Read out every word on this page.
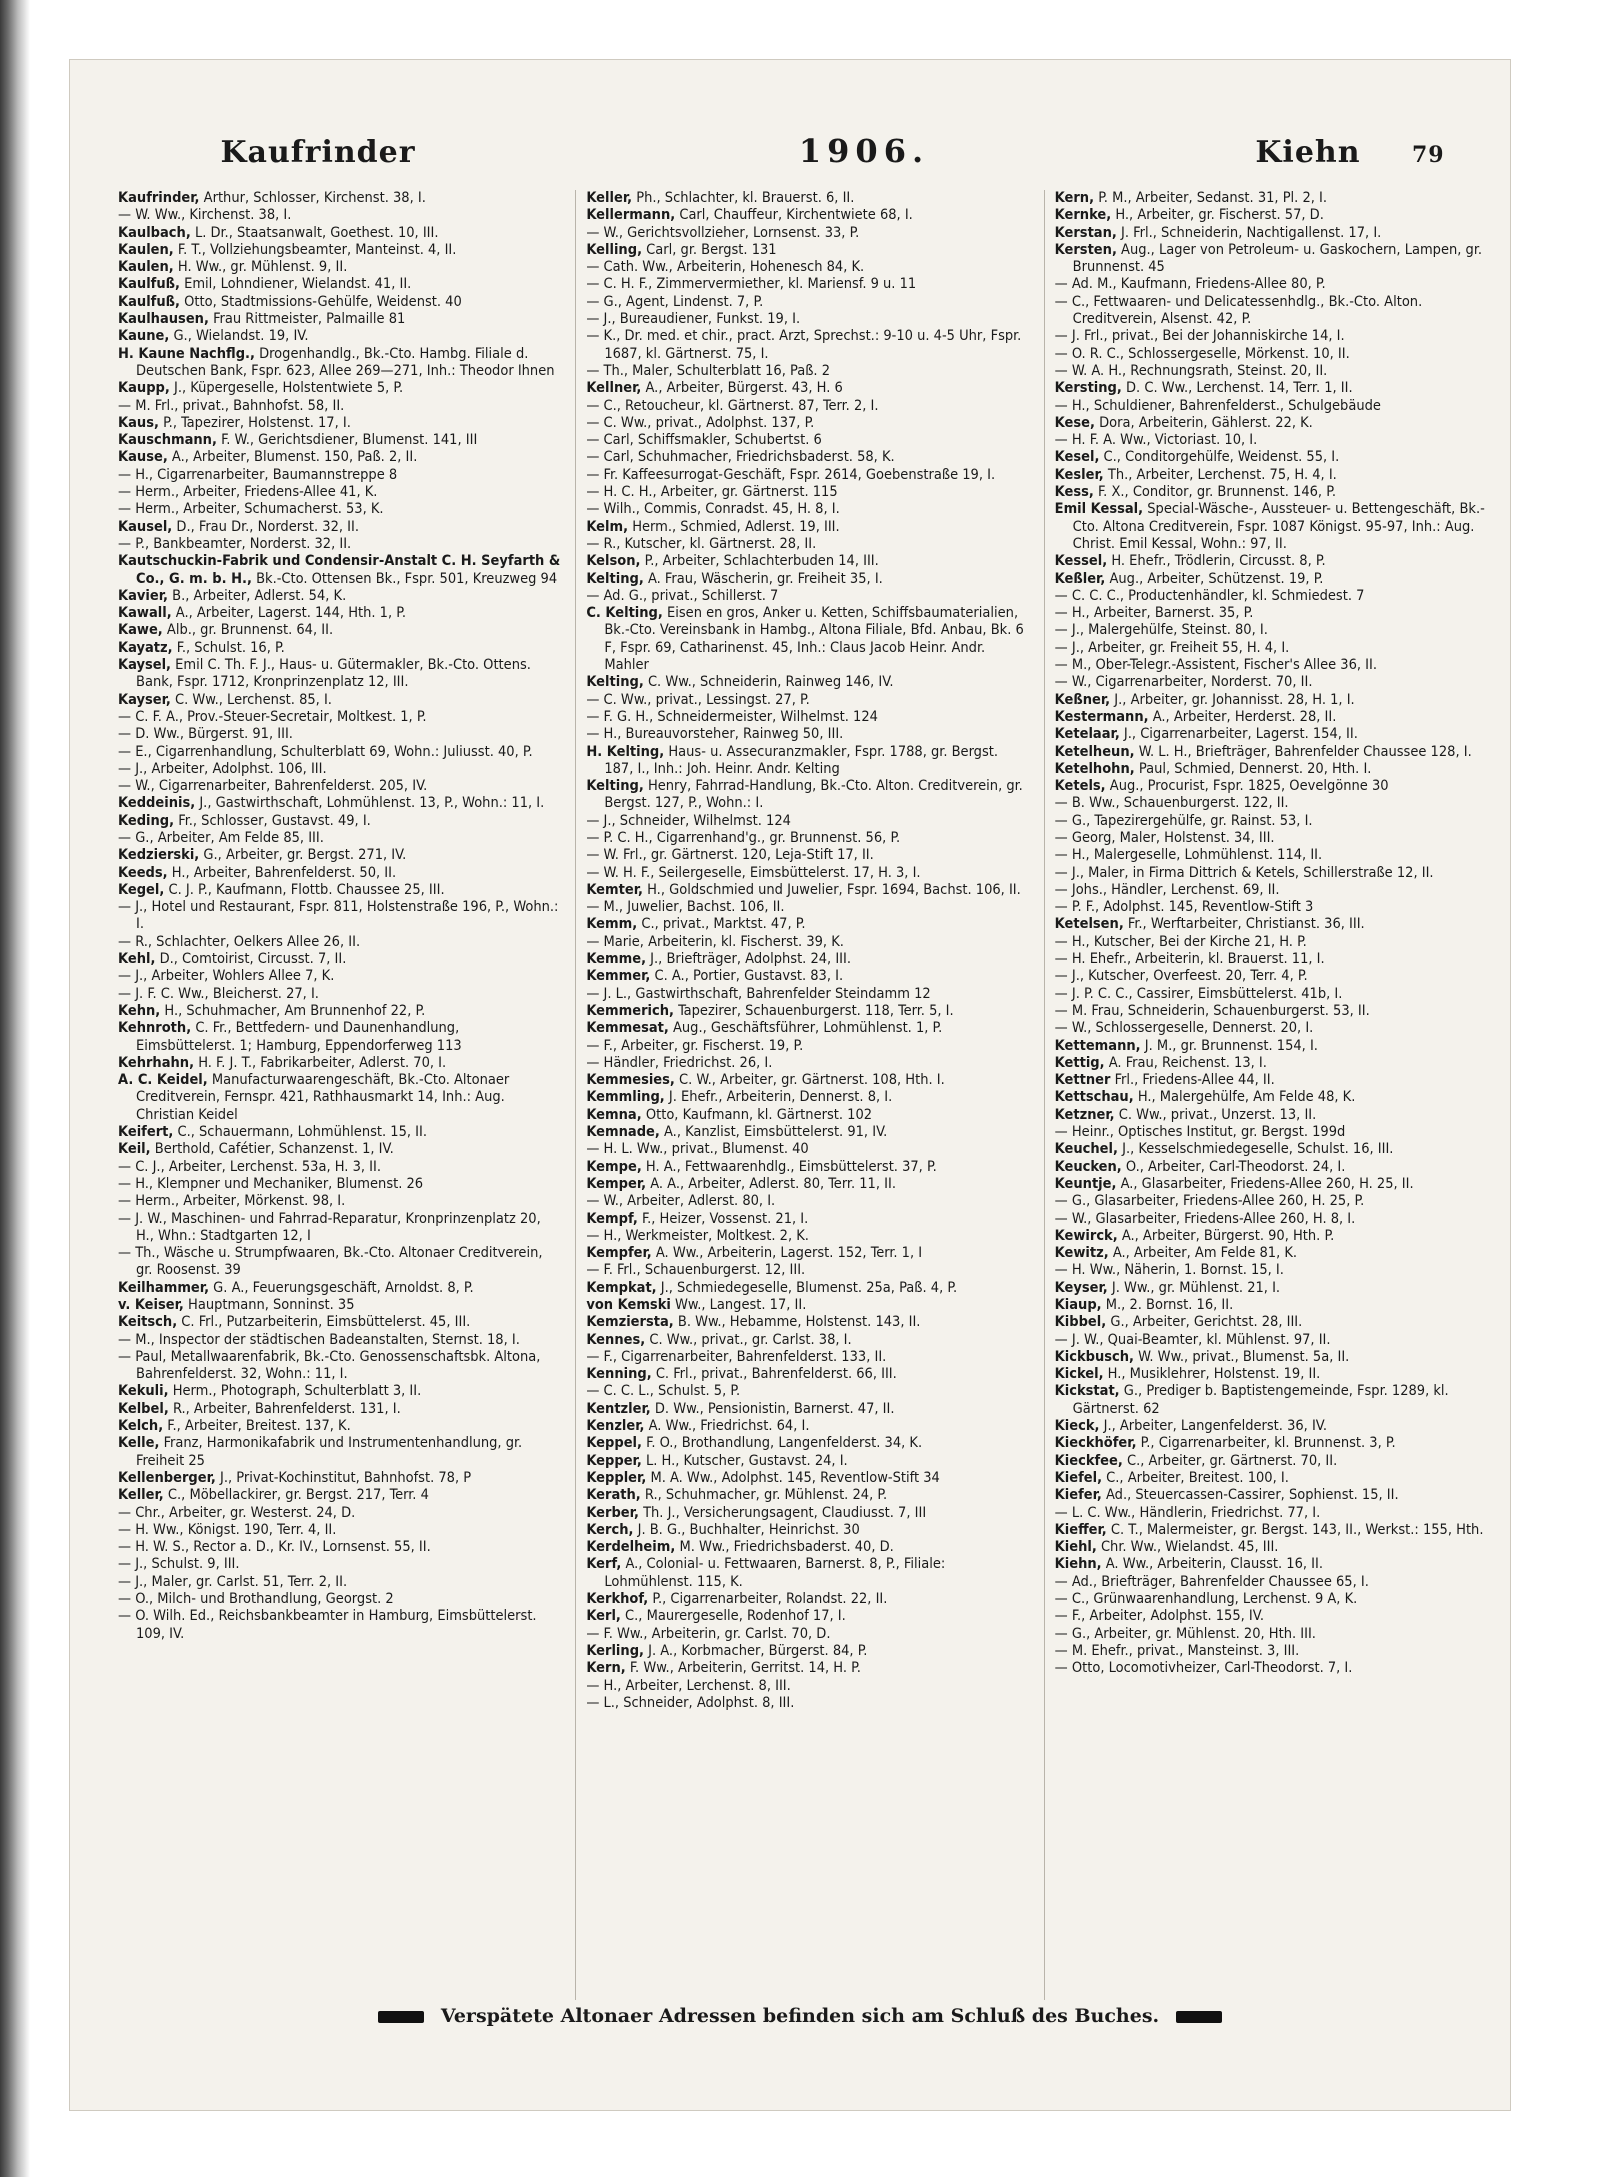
Kaufrinder	1906.	Kiehn 79

Kaufrinder, Arthur, Schlosser, Kirchenst. 38, I.

— W. Ww., Kirchenst. 38, I.

Kaulbach, L. Dr., Staatsanwalt, Goethest. 10, III.

Kaulen, F. T., Vollziehungsbeamter, Manteinst. 4, II.

Kaulen, H. Ww., gr. Mühlenst. 9, II.

Kaulfuß, Emil, Lohndiener, Wielandst. 41, II.

Kaulfuß, Otto, Stadtmissions-Gehülfe, Weidenst. 40

Kaulhausen, Frau Rittmeister, Palmaille 81

Kaune, G., Wielandst. 19, IV.

H. Kaune Nachflg., Drogenhandlg., Bk.-Cto. Hambg. Filiale d. Deutschen Bank, Fspr. 623, Allee 269—271, Inh.: Theodor Ihnen

Kaupp, J., Küpergeselle, Holstentwiete 5, P.

— M. Frl., privat., Bahnhofst. 58, II.

Kaus, P., Tapezirer, Holstenst. 17, I.

Kauschmann, F. W., Gerichtsdiener, Blumenst. 141, III

Kause, A., Arbeiter, Blumenst. 150, Paß. 2, II.

— H., Cigarrenarbeiter, Baumannstreppe 8

— Herm., Arbeiter, Friedens-Allee 41, K.

— Herm., Arbeiter, Schumacherst. 53, K.

Kausel, D., Frau Dr., Norderst. 32, II.

— P., Bankbeamter, Norderst. 32, II.

Kautschuckin-Fabrik und Condensir-Anstalt C. H. Seyfarth & Co., G. m. b. H., Bk.-Cto. Ottensen Bk., Fspr. 501, Kreuzweg 94

Kavier, B., Arbeiter, Adlerst. 54, K.

Kawall, A., Arbeiter, Lagerst. 144, Hth. 1, P.

Kawe, Alb., gr. Brunnenst. 64, II.

Kayatz, F., Schulst. 16, P.

Kaysel, Emil C. Th. F. J., Haus- u. Gütermakler, Bk.-Cto. Ottens. Bank, Fspr. 1712, Kronprinzenplatz 12, III.

Kayser, C. Ww., Lerchenst. 85, I.

— C. F. A., Prov.-Steuer-Secretair, Moltkest. 1, P.

— D. Ww., Bürgerst. 91, III.

— E., Cigarrenhandlung, Schulterblatt 69, Wohn.: Juliusst. 40, P.

— J., Arbeiter, Adolphst. 106, III.

— W., Cigarrenarbeiter, Bahrenfelderst. 205, IV.

Keddeinis, J., Gastwirthschaft, Lohmühlenst. 13, P., Wohn.: 11, I.

Keding, Fr., Schlosser, Gustavst. 49, I.

— G., Arbeiter, Am Felde 85, III.

Kedzierski, G., Arbeiter, gr. Bergst. 271, IV.

Keeds, H., Arbeiter, Bahrenfelderst. 50, II.

Kegel, C. J. P., Kaufmann, Flottb. Chaussee 25, III.

— J., Hotel und Restaurant, Fspr. 811, Holstenstraße 196, P., Wohn.: I.

— R., Schlachter, Oelkers Allee 26, II.

Kehl, D., Comtoirist, Circusst. 7, II.

— J., Arbeiter, Wohlers Allee 7, K.

— J. F. C. Ww., Bleicherst. 27, I.

Kehn, H., Schuhmacher, Am Brunnenhof 22, P.

Kehnroth, C. Fr., Bettfedern- und Daunenhandlung, Eimsbüttelerst. 1; Hamburg, Eppendorferweg 113

Kehrhahn, H. F. J. T., Fabrikarbeiter, Adlerst. 70, I.

A. C. Keidel, Manufacturwaarengeschäft, Bk.-Cto. Altonaer Creditverein, Fernspr. 421, Rathhausmarkt 14, Inh.: Aug. Christian Keidel

Keifert, C., Schauermann, Lohmühlenst. 15, II.

Keil, Berthold, Cafétier, Schanzenst. 1, IV.

— C. J., Arbeiter, Lerchenst. 53a, H. 3, II.

— H., Klempner und Mechaniker, Blumenst. 26

— Herm., Arbeiter, Mörkenst. 98, I.

— J. W., Maschinen- und Fahrrad-Reparatur, Kronprinzenplatz 20, H., Whn.: Stadtgarten 12, I

— Th., Wäsche u. Strumpfwaaren, Bk.-Cto. Altonaer Creditverein, gr. Roosenst. 39

Keilhammer, G. A., Feuerungsgeschäft, Arnoldst. 8, P.

v. Keiser, Hauptmann, Sonninst. 35

Keitsch, C. Frl., Putzarbeiterin, Eimsbüttelerst. 45, III.

— M., Inspector der städtischen Badeanstalten, Sternst. 18, I.

— Paul, Metallwaarenfabrik, Bk.-Cto. Genossenschaftsbk. Altona, Bahrenfelderst. 32, Wohn.: 11, I.

Kekuli, Herm., Photograph, Schulterblatt 3, II.

Kelbel, R., Arbeiter, Bahrenfelderst. 131, I.

Kelch, F., Arbeiter, Breitest. 137, K.

Kelle, Franz, Harmonikafabrik und Instrumentenhandlung, gr. Freiheit 25

Kellenberger, J., Privat-Kochinstitut, Bahnhofst. 78, P

Keller, C., Möbellackirer, gr. Bergst. 217, Terr. 4

— Chr., Arbeiter, gr. Westerst. 24, D.

— H. Ww., Königst. 190, Terr. 4, II.

— H. W. S., Rector a. D., Kr. IV., Lornsenst. 55, II.

— J., Schulst. 9, III.

— J., Maler, gr. Carlst. 51, Terr. 2, II.

— O., Milch- und Brothandlung, Georgst. 2

— O. Wilh. Ed., Reichsbankbeamter in Hamburg, Eimsbüttelerst. 109, IV.

Keller, Ph., Schlachter, kl. Brauerst. 6, II.

Kellermann, Carl, Chauffeur, Kirchentwiete 68, I.

— W., Gerichtsvollzieher, Lornsenst. 33, P.

Kelling, Carl, gr. Bergst. 131

— Cath. Ww., Arbeiterin, Hohenesch 84, K.

— C. H. F., Zimmervermiether, kl. Mariensf. 9 u. 11

— G., Agent, Lindenst. 7, P.

— J., Bureaudiener, Funkst. 19, I.

— K., Dr. med. et chir., pract. Arzt, Sprechst.: 9-10 u. 4-5 Uhr, Fspr. 1687, kl. Gärtnerst. 75, I.

— Th., Maler, Schulterblatt 16, Paß. 2

Kellner, A., Arbeiter, Bürgerst. 43, H. 6

— C., Retoucheur, kl. Gärtnerst. 87, Terr. 2, I.

— C. Ww., privat., Adolphst. 137, P.

— Carl, Schiffsmakler, Schubertst. 6

— Carl, Schuhmacher, Friedrichsbaderst. 58, K.

— Fr. Kaffeesurrogat-Geschäft, Fspr. 2614, Goebenstraße 19, I.

— H. C. H., Arbeiter, gr. Gärtnerst. 115

— Wilh., Commis, Conradst. 45, H. 8, I.

Kelm, Herm., Schmied, Adlerst. 19, III.

— R., Kutscher, kl. Gärtnerst. 28, II.

Kelson, P., Arbeiter, Schlachterbuden 14, III.

Kelting, A. Frau, Wäscherin, gr. Freiheit 35, I.

— Ad. G., privat., Schillerst. 7

C. Kelting, Eisen en gros, Anker u. Ketten, Schiffsbaumaterialien, Bk.-Cto. Vereinsbank in Hambg., Altona Filiale, Bfd. Anbau, Bk. 6 F, Fspr. 69, Catharinenst. 45, Inh.: Claus Jacob Heinr. Andr. Mahler

Kelting, C. Ww., Schneiderin, Rainweg 146, IV.

— C. Ww., privat., Lessingst. 27, P.

— F. G. H., Schneidermeister, Wilhelmst. 124

— H., Bureauvorsteher, Rainweg 50, III.

H. Kelting, Haus- u. Assecuranzmakler, Fspr. 1788, gr. Bergst. 187, I., Inh.: Joh. Heinr. Andr. Kelting

Kelting, Henry, Fahrrad-Handlung, Bk.-Cto. Alton. Creditverein, gr. Bergst. 127, P., Wohn.: I.

— J., Schneider, Wilhelmst. 124

— P. C. H., Cigarrenhand'g., gr. Brunnenst. 56, P.

— W. Frl., gr. Gärtnerst. 120, Leja-Stift 17, II.

— W. H. F., Seilergeselle, Eimsbüttelerst. 17, H. 3, I.

Kemter, H., Goldschmied und Juwelier, Fspr. 1694, Bachst. 106, II.

— M., Juwelier, Bachst. 106, II.

Kemm, C., privat., Marktst. 47, P.

— Marie, Arbeiterin, kl. Fischerst. 39, K.

Kemme, J., Briefträger, Adolphst. 24, III.

Kemmer, C. A., Portier, Gustavst. 83, I.

— J. L., Gastwirthschaft, Bahrenfelder Steindamm 12

Kemmerich, Tapezirer, Schauenburgerst. 118, Terr. 5, I.

Kemmesat, Aug., Geschäftsführer, Lohmühlenst. 1, P.

— F., Arbeiter, gr. Fischerst. 19, P.

— Händler, Friedrichst. 26, I.

Kemmesies, C. W., Arbeiter, gr. Gärtnerst. 108, Hth. I.

Kemmling, J. Ehefr., Arbeiterin, Dennerst. 8, I.

Kemna, Otto, Kaufmann, kl. Gärtnerst. 102

Kemnade, A., Kanzlist, Eimsbüttelerst. 91, IV.

— H. L. Ww., privat., Blumenst. 40

Kempe, H. A., Fettwaarenhdlg., Eimsbüttelerst. 37, P.

Kemper, A. A., Arbeiter, Adlerst. 80, Terr. 11, II.

— W., Arbeiter, Adlerst. 80, I.

Kempf, F., Heizer, Vossenst. 21, I.

— H., Werkmeister, Moltkest. 2, K.

Kempfer, A. Ww., Arbeiterin, Lagerst. 152, Terr. 1, I

— F. Frl., Schauenburgerst. 12, III.

Kempkat, J., Schmiedegeselle, Blumenst. 25a, Paß. 4, P.

von Kemski Ww., Langest. 17, II.

Kemziersta, B. Ww., Hebamme, Holstenst. 143, II.

Kennes, C. Ww., privat., gr. Carlst. 38, I.

— F., Cigarrenarbeiter, Bahrenfelderst. 133, II.

Kenning, C. Frl., privat., Bahrenfelderst. 66, III.

— C. C. L., Schulst. 5, P.

Kentzler, D. Ww., Pensionistin, Barnerst. 47, II.

Kenzler, A. Ww., Friedrichst. 64, I.

Keppel, F. O., Brothandlung, Langenfelderst. 34, K.

Kepper, L. H., Kutscher, Gustavst. 24, I.

Keppler, M. A. Ww., Adolphst. 145, Reventlow-Stift 34

Kerath, R., Schuhmacher, gr. Mühlenst. 24, P.

Kerber, Th. J., Versicherungsagent, Claudiusst. 7, III

Kerch, J. B. G., Buchhalter, Heinrichst. 30

Kerdelheim, M. Ww., Friedrichsbaderst. 40, D.

Kerf, A., Colonial- u. Fettwaaren, Barnerst. 8, P., Filiale: Lohmühlenst. 115, K.

Kerkhof, P., Cigarrenarbeiter, Rolandst. 22, II.

Kerl, C., Maurergeselle, Rodenhof 17, I.

— F. Ww., Arbeiterin, gr. Carlst. 70, D.

Kerling, J. A., Korbmacher, Bürgerst. 84, P.

Kern, F. Ww., Arbeiterin, Gerritst. 14, H. P.

— H., Arbeiter, Lerchenst. 8, III.

— L., Schneider, Adolphst. 8, III.

Kern, P. M., Arbeiter, Sedanst. 31, Pl. 2, I.

Kernke, H., Arbeiter, gr. Fischerst. 57, D.

Kerstan, J. Frl., Schneiderin, Nachtigallenst. 17, I.

Kersten, Aug., Lager von Petroleum- u. Gaskochern, Lampen, gr. Brunnenst. 45

— Ad. M., Kaufmann, Friedens-Allee 80, P.

— C., Fettwaaren- und Delicatessenhdlg., Bk.-Cto. Alton. Creditverein, Alsenst. 42, P.

— J. Frl., privat., Bei der Johanniskirche 14, I.

— O. R. C., Schlossergeselle, Mörkenst. 10, II.

— W. A. H., Rechnungsrath, Steinst. 20, II.

Kersting, D. C. Ww., Lerchenst. 14, Terr. 1, II.

— H., Schuldiener, Bahrenfelderst., Schulgebäude

Kese, Dora, Arbeiterin, Gählerst. 22, K.

— H. F. A. Ww., Victoriast. 10, I.

Kesel, C., Conditorgehülfe, Weidenst. 55, I.

Kesler, Th., Arbeiter, Lerchenst. 75, H. 4, I.

Kess, F. X., Conditor, gr. Brunnenst. 146, P.

Emil Kessal, Special-Wäsche-, Aussteuer- u. Bettengeschäft, Bk.-Cto. Altona Creditverein, Fspr. 1087 Königst. 95-97, Inh.: Aug. Christ. Emil Kessal, Wohn.: 97, II.

Kessel, H. Ehefr., Trödlerin, Circusst. 8, P.

Keßler, Aug., Arbeiter, Schützenst. 19, P.

— C. C. C., Productenhändler, kl. Schmiedest. 7

— H., Arbeiter, Barnerst. 35, P.

— J., Malergehülfe, Steinst. 80, I.

— J., Arbeiter, gr. Freiheit 55, H. 4, I.

— M., Ober-Telegr.-Assistent, Fischer's Allee 36, II.

— W., Cigarrenarbeiter, Norderst. 70, II.

Keßner, J., Arbeiter, gr. Johannisst. 28, H. 1, I.

Kestermann, A., Arbeiter, Herderst. 28, II.

Ketelaar, J., Cigarrenarbeiter, Lagerst. 154, II.

Ketelheun, W. L. H., Briefträger, Bahrenfelder Chaussee 128, I.

Ketelhohn, Paul, Schmied, Dennerst. 20, Hth. I.

Ketels, Aug., Procurist, Fspr. 1825, Oevelgönne 30

— B. Ww., Schauenburgerst. 122, II.

— G., Tapezirergehülfe, gr. Rainst. 53, I.

— Georg, Maler, Holstenst. 34, III.

— H., Malergeselle, Lohmühlenst. 114, II.

— J., Maler, in Firma Dittrich & Ketels, Schillerstraße 12, II.

— Johs., Händler, Lerchenst. 69, II.

— P. F., Adolphst. 145, Reventlow-Stift 3

Ketelsen, Fr., Werftarbeiter, Christianst. 36, III.

— H., Kutscher, Bei der Kirche 21, H. P.

— H. Ehefr., Arbeiterin, kl. Brauerst. 11, I.

— J., Kutscher, Overfeest. 20, Terr. 4, P.

— J. P. C. C., Cassirer, Eimsbüttelerst. 41b, I.

— M. Frau, Schneiderin, Schauenburgerst. 53, II.

— W., Schlossergeselle, Dennerst. 20, I.

Kettemann, J. M., gr. Brunnenst. 154, I.

Kettig, A. Frau, Reichenst. 13, I.

Kettner Frl., Friedens-Allee 44, II.

Kettschau, H., Malergehülfe, Am Felde 48, K.

Ketzner, C. Ww., privat., Unzerst. 13, II.

— Heinr., Optisches Institut, gr. Bergst. 199d

Keuchel, J., Kesselschmiedegeselle, Schulst. 16, III.

Keucken, O., Arbeiter, Carl-Theodorst. 24, I.

Keuntje, A., Glasarbeiter, Friedens-Allee 260, H. 25, II.

— G., Glasarbeiter, Friedens-Allee 260, H. 25, P.

— W., Glasarbeiter, Friedens-Allee 260, H. 8, I.

Kewirck, A., Arbeiter, Bürgerst. 90, Hth. P.

Kewitz, A., Arbeiter, Am Felde 81, K.

— H. Ww., Näherin, 1. Bornst. 15, I.

Keyser, J. Ww., gr. Mühlenst. 21, I.

Kiaup, M., 2. Bornst. 16, II.

Kibbel, G., Arbeiter, Gerichtst. 28, III.

— J. W., Quai-Beamter, kl. Mühlenst. 97, II.

Kickbusch, W. Ww., privat., Blumenst. 5a, II.

Kickel, H., Musiklehrer, Holstenst. 19, II.

Kickstat, G., Prediger b. Baptistengemeinde, Fspr. 1289, kl. Gärtnerst. 62

Kieck, J., Arbeiter, Langenfelderst. 36, IV.

Kieckhöfer, P., Cigarrenarbeiter, kl. Brunnenst. 3, P.

Kieckfee, C., Arbeiter, gr. Gärtnerst. 70, II.

Kiefel, C., Arbeiter, Breitest. 100, I.

Kiefer, Ad., Steuercassen-Cassirer, Sophienst. 15, II.

— L. C. Ww., Händlerin, Friedrichst. 77, I.

Kieffer, C. T., Malermeister, gr. Bergst. 143, II., Werkst.: 155, Hth.

Kiehl, Chr. Ww., Wielandst. 45, III.

Kiehn, A. Ww., Arbeiterin, Clausst. 16, II.

— Ad., Briefträger, Bahrenfelder Chaussee 65, I.

— C., Grünwaarenhandlung, Lerchenst. 9 A, K.

— F., Arbeiter, Adolphst. 155, IV.

— G., Arbeiter, gr. Mühlenst. 20, Hth. III.

— M. Ehefr., privat., Mansteinst. 3, III.

— Otto, Locomotivheizer, Carl-Theodorst. 7, I.

Verspätete Altonaer Adressen befinden sich am Schluß des Buches.
